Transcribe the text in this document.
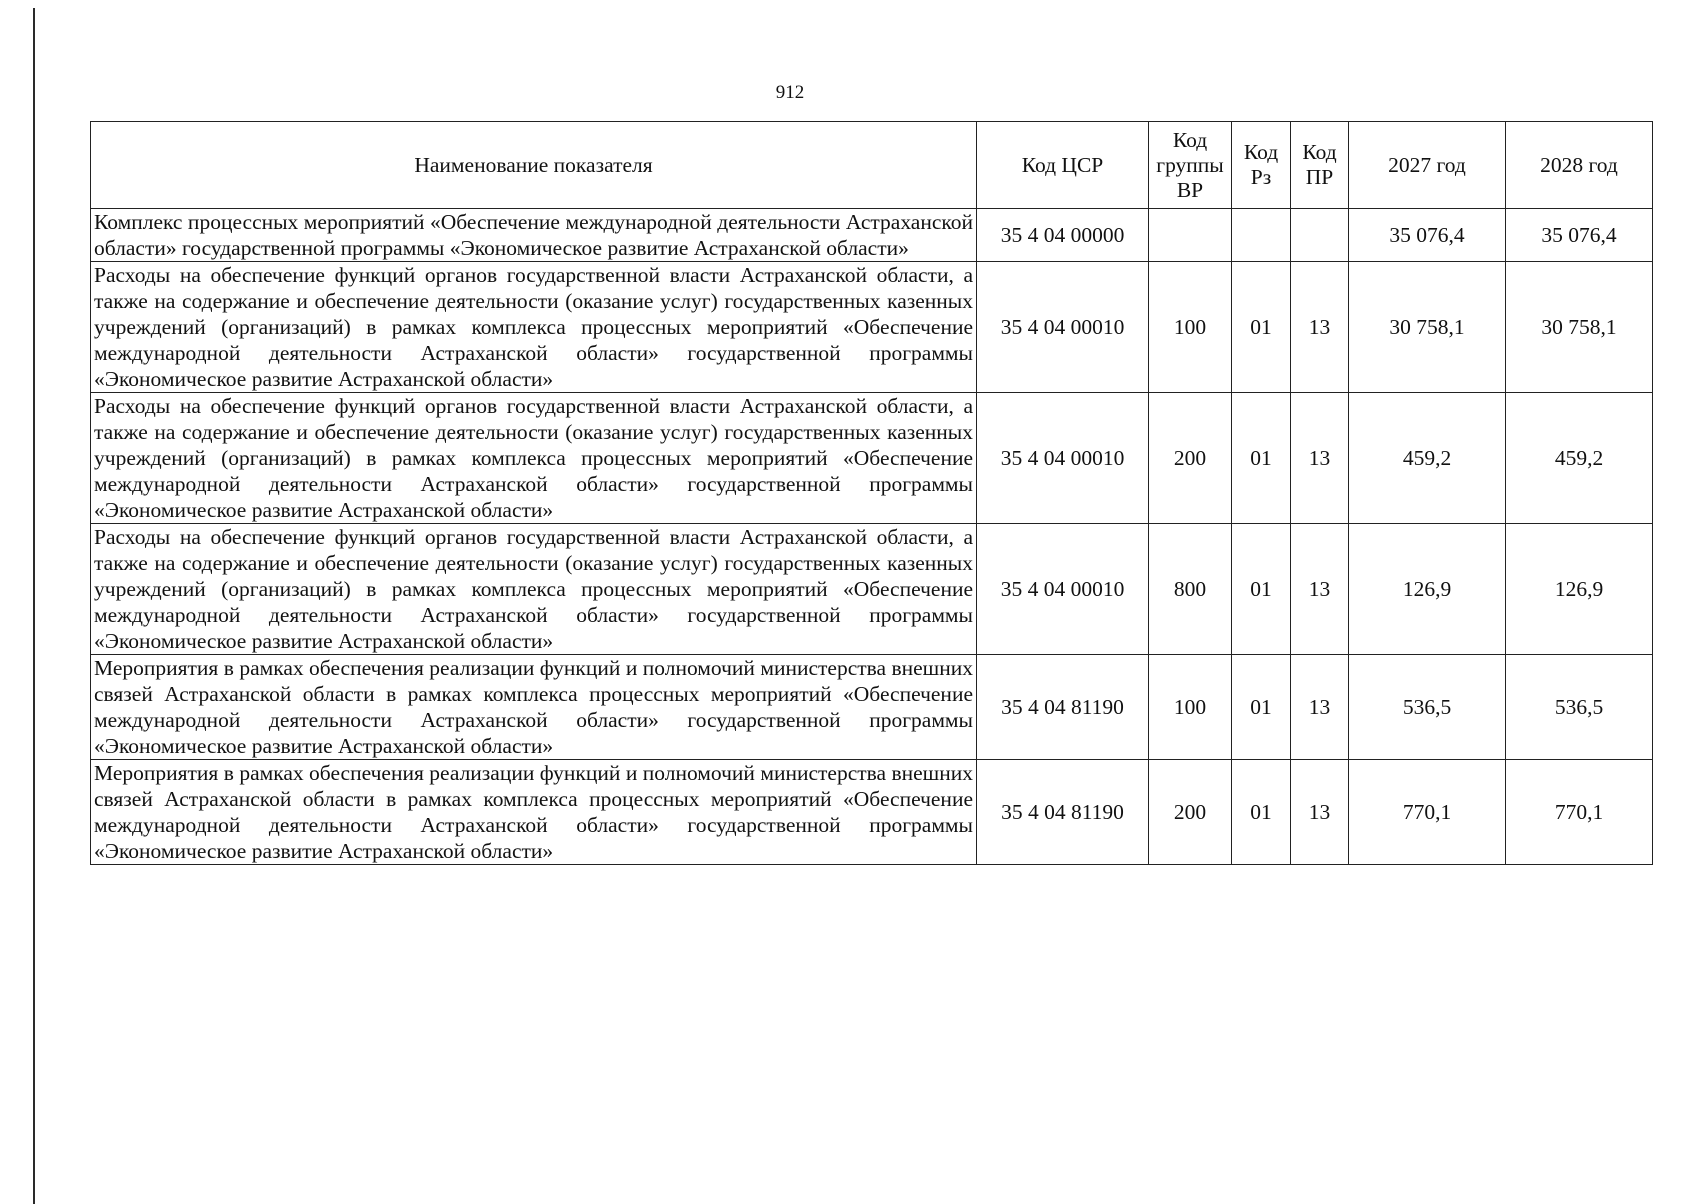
912
Наименование показателя	Код ЦСР	Код группы ВР	Код Рз	Код ПР	2027 год	2028 год
Комплекс процессных мероприятий «Обеспечение международной деятельности Астраханской области» государственной программы «Экономическое развитие Астраханской области»	35 4 04 00000				35 076,4	35 076,4
Расходы на обеспечение функций органов государственной власти Астраханской области, а также на содержание и обеспечение деятельности (оказание услуг) государственных казенных учреждений (организаций) в рамках комплекса процессных мероприятий «Обеспечение международной деятельности Астраханской области» государственной программы «Экономическое развитие Астраханской области»	35 4 04 00010	100	01	13	30 758,1	30 758,1
Расходы на обеспечение функций органов государственной власти Астраханской области, а также на содержание и обеспечение деятельности (оказание услуг) государственных казенных учреждений (организаций) в рамках комплекса процессных мероприятий «Обеспечение международной деятельности Астраханской области» государственной программы «Экономическое развитие Астраханской области»	35 4 04 00010	200	01	13	459,2	459,2
Расходы на обеспечение функций органов государственной власти Астраханской области, а также на содержание и обеспечение деятельности (оказание услуг) государственных казенных учреждений (организаций) в рамках комплекса процессных мероприятий «Обеспечение международной деятельности Астраханской области» государственной программы «Экономическое развитие Астраханской области»	35 4 04 00010	800	01	13	126,9	126,9
Мероприятия в рамках обеспечения реализации функций и полномочий министерства внешних связей Астраханской области в рамках комплекса процессных мероприятий «Обеспечение международной деятельности Астраханской области» государственной программы «Экономическое развитие Астраханской области»	35 4 04 81190	100	01	13	536,5	536,5
Мероприятия в рамках обеспечения реализации функций и полномочий министерства внешних связей Астраханской области в рамках комплекса процессных мероприятий «Обеспечение международной деятельности Астраханской области» государственной программы «Экономическое развитие Астраханской области»	35 4 04 81190	200	01	13	770,1	770,1
